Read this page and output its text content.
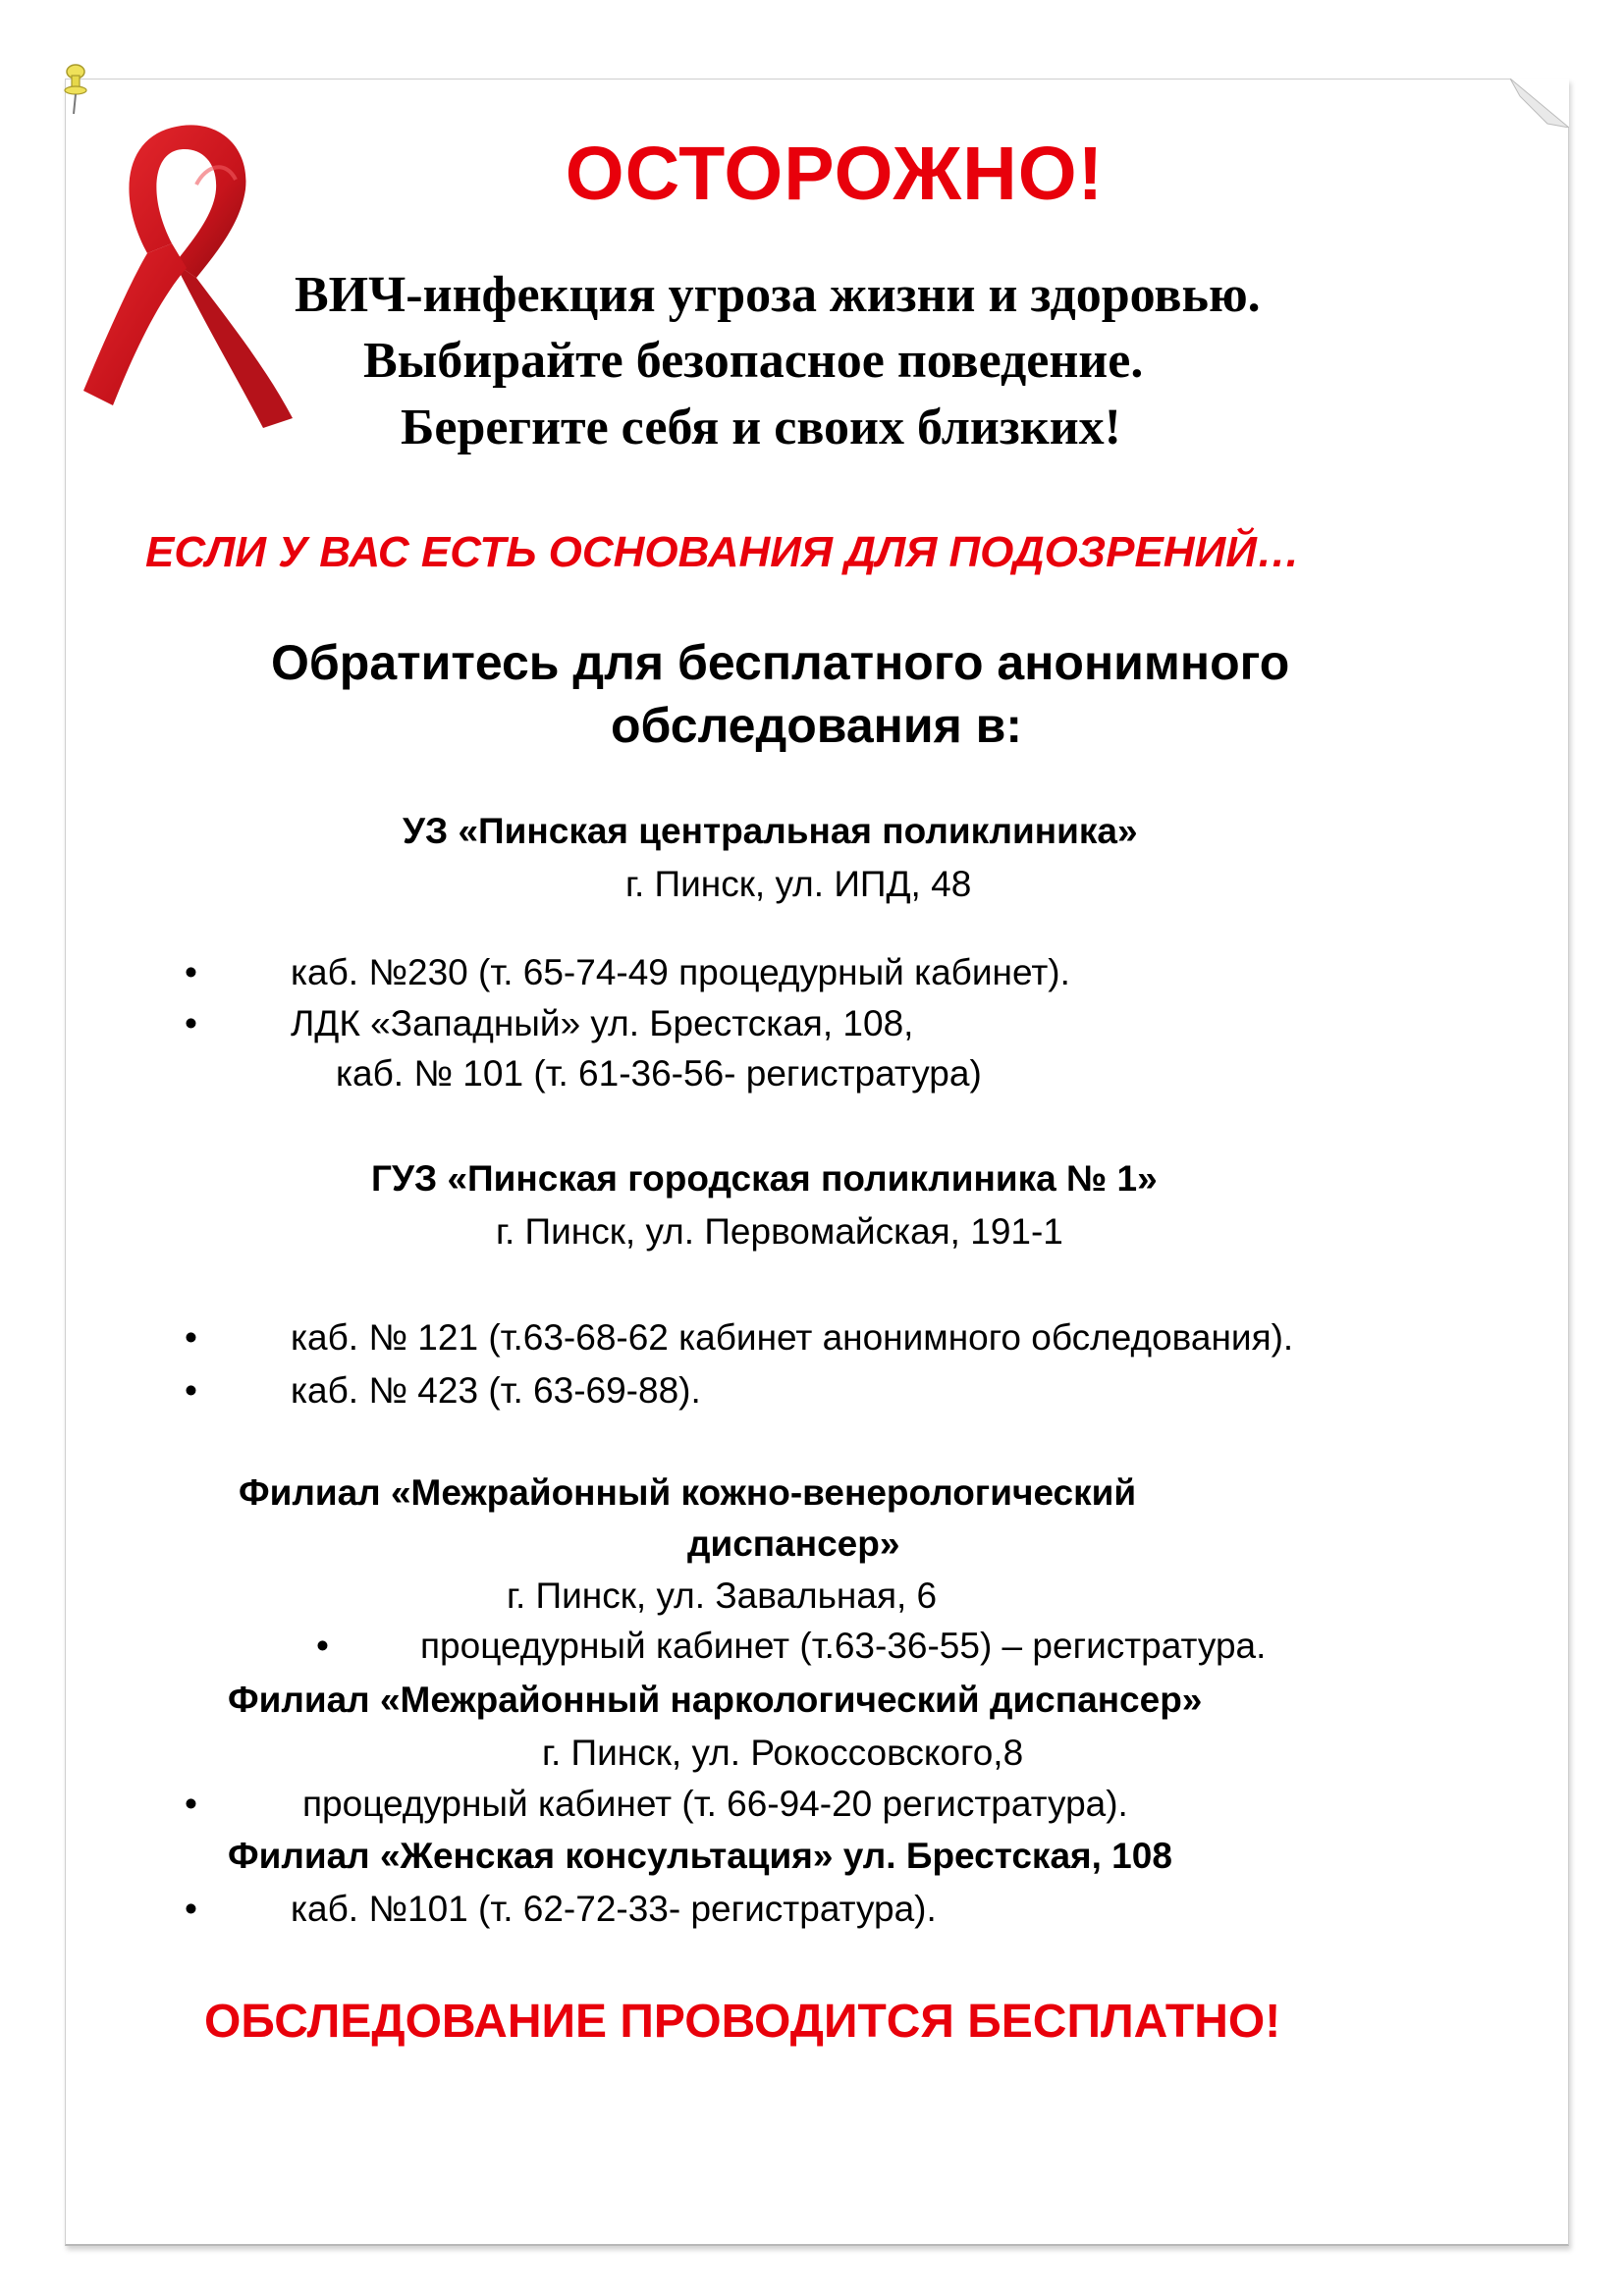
ОСТОРОЖНО!
ВИЧ-инфекция угроза жизни и здоровью.
Выбирайте безопасное поведение.
Берегите себя и своих близких!
ЕСЛИ У ВАС ЕСТЬ ОСНОВАНИЯ ДЛЯ ПОДОЗРЕНИЙ…
Обратитесь для бесплатного анонимного
обследования в:
УЗ «Пинская центральная поликлиника»
г. Пинск, ул. ИПД, 48
•	каб. №230 (т. 65-74-49 процедурный кабинет).
•	ЛДК «Западный» ул. Брестская, 108,
каб. № 101 (т. 61-36-56- регистратура)
ГУЗ «Пинская городская поликлиника № 1»
г. Пинск, ул. Первомайская, 191-1
•	каб. № 121 (т.63-68-62 кабинет анонимного обследования).
•	каб. № 423 (т. 63-69-88).
Филиал «Межрайонный кожно-венерологический
диспансер»
г. Пинск, ул. Завальная, 6
•	процедурный кабинет (т.63-36-55) – регистратура.
Филиал «Межрайонный наркологический диспансер»
г. Пинск, ул. Рокоссовского,8
•	процедурный кабинет (т. 66-94-20 регистратура).
Филиал «Женская консультация» ул. Брестская, 108
•	каб. №101 (т. 62-72-33- регистратура).
ОБСЛЕДОВАНИЕ ПРОВОДИТСЯ БЕСПЛАТНО!
